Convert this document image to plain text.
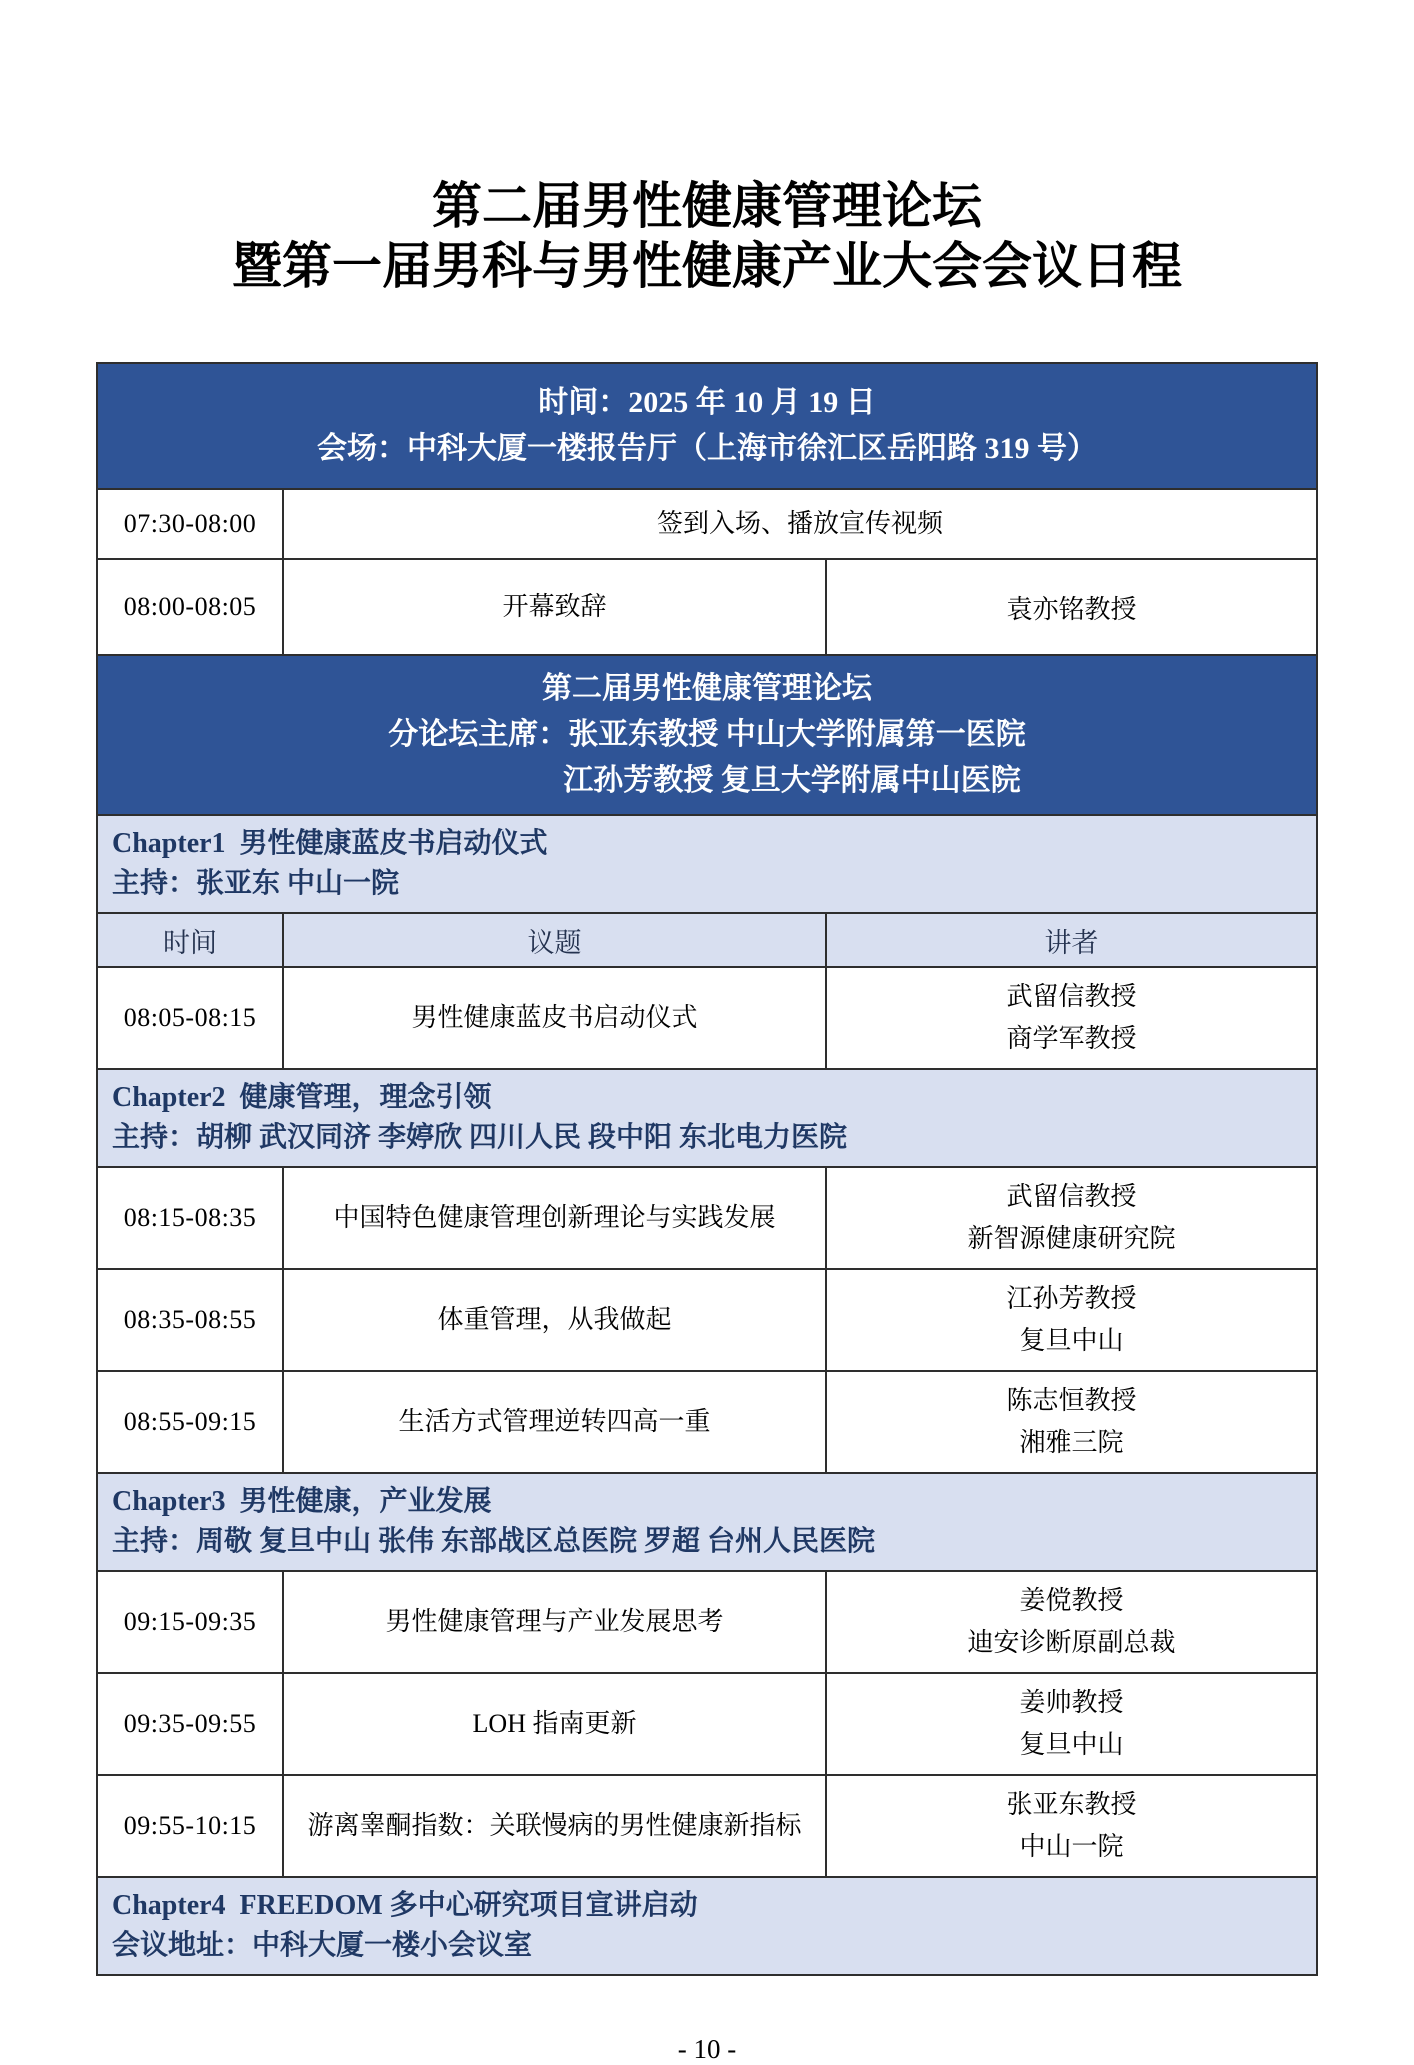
第二届男性健康管理论坛
暨第一届男科与男性健康产业大会会议日程
时间：2025 年 10 月 19 日
会场：中科大厦一楼报告厅（上海市徐汇区岳阳路 319 号）		

07:30-08:00	签到入场、播放宣传视频	
08:00-08:05	开幕致辞	袁亦铭教授

第二届男性健康管理论坛
分论坛主席：张亚东教授 中山大学附属第一医院
江孙芳教授 复旦大学附属中山医院		

Chapter1 男性健康蓝皮书启动仪式
主持：张亚东 中山一院		

时间	议题	讲者
08:05-08:15	男性健康蓝皮书启动仪式	武留信教授
商学军教授

Chapter2 健康管理，理念引领
主持：胡柳 武汉同济 李婷欣 四川人民 段中阳 东北电力医院		

08:15-08:35	中国特色健康管理创新理论与实践发展	武留信教授
新智源健康研究院

08:35-08:55	体重管理，从我做起	江孙芳教授
复旦中山

08:55-09:15	生活方式管理逆转四高一重	陈志恒教授
湘雅三院

Chapter3 男性健康，产业发展
主持：周敬 复旦中山 张伟 东部战区总医院 罗超 台州人民医院		

09:15-09:35	男性健康管理与产业发展思考	姜傥教授
迪安诊断原副总裁

09:35-09:55	LOH 指南更新	姜帅教授
复旦中山

09:55-10:15	游离睾酮指数：关联慢病的男性健康新指标	张亚东教授
中山一院

Chapter4 FREEDOM 多中心研究项目宣讲启动
会议地址：中科大厦一楼小会议室		
- 10 -
